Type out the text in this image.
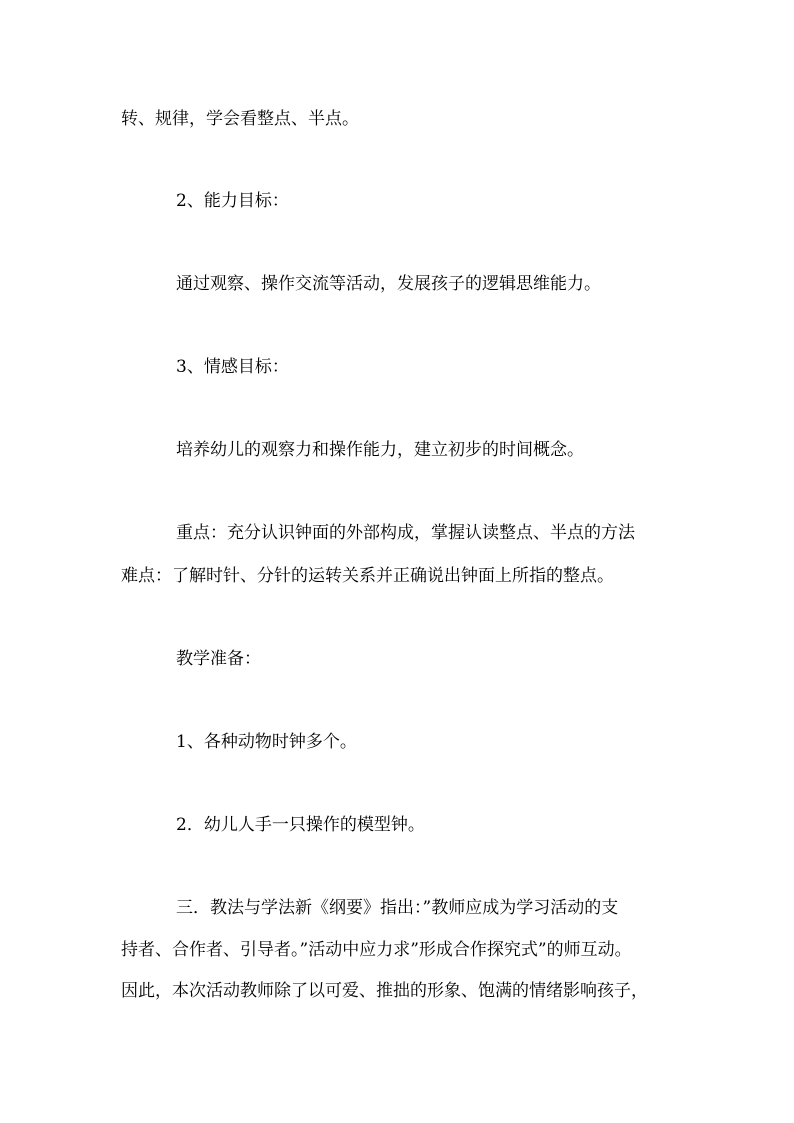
转、规律，学会看整点、半点。
2、能力目标：
通过观察、操作交流等活动，发展孩子的逻辑思维能力。
3、情感目标：
培养幼儿的观察力和操作能力，建立初步的时间概念。
重点：充分认识钟面的外部构成，掌握认读整点、半点的方法
难点：了解时针、分针的运转关系并正确说出钟面上所指的整点。
教学准备：
1、各种动物时钟多个。
2．幼儿人手一只操作的模型钟。
三．教法与学法新《纲要》指出：”教师应成为学习活动的支
持者、合作者、引导者。”活动中应力求”形成合作探究式”的师互动。
因此，本次活动教师除了以可爱、推拙的形象、饱满的情绪影响孩子，
